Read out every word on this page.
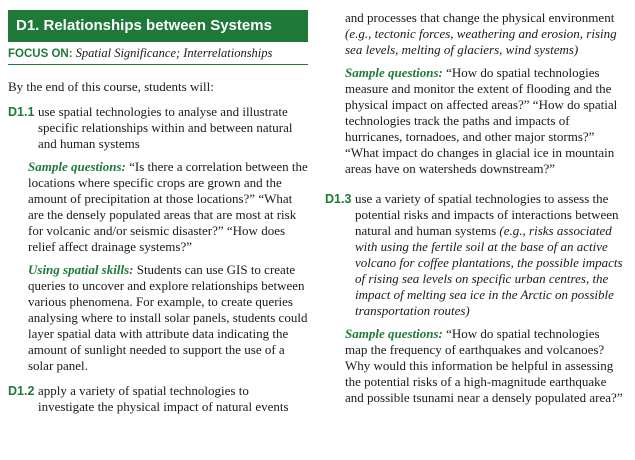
D1. Relationships between Systems
FOCUS ON: Spatial Significance; Interrelationships

By the end of this course, students will:

D1.1 use spatial technologies to analyse and illustrate specific relationships within and between natural and human systems
Sample questions: “Is there a correlation between the locations where specific crops are grown and the amount of precipitation at those locations?” “What are the densely populated areas that are most at risk for volcanic and/or seismic disaster?” “How does relief affect drainage systems?”
Using spatial skills: Students can use GIS to create queries to uncover and explore relationships between various phenomena. For example, to create queries analysing where to install solar panels, students could layer spatial data with attribute data indicating the amount of sunlight needed to support the use of a solar panel.
D1.2 apply a variety of spatial technologies to investigate the physical impact of natural events
and processes that change the physical environment (e.g., tectonic forces, weathering and erosion, rising sea levels, melting of glaciers, wind systems)
Sample questions: “How do spatial technologies measure and monitor the extent of flooding and the physical impact on affected areas?” “How do spatial technologies track the paths and impacts of hurricanes, tornadoes, and other major storms?” “What impact do changes in glacial ice in mountain areas have on watersheds downstream?”
D1.3 use a variety of spatial technologies to assess the potential risks and impacts of interactions between natural and human systems (e.g., risks associated with using the fertile soil at the base of an active volcano for coffee plantations, the possible impacts of rising sea levels on specific urban centres, the impact of melting sea ice in the Arctic on possible transportation routes)
Sample questions: “How do spatial technologies map the frequency of earthquakes and volcanoes? Why would this information be helpful in assessing the potential risks of a high-magnitude earthquake and possible tsunami near a densely populated area?”
